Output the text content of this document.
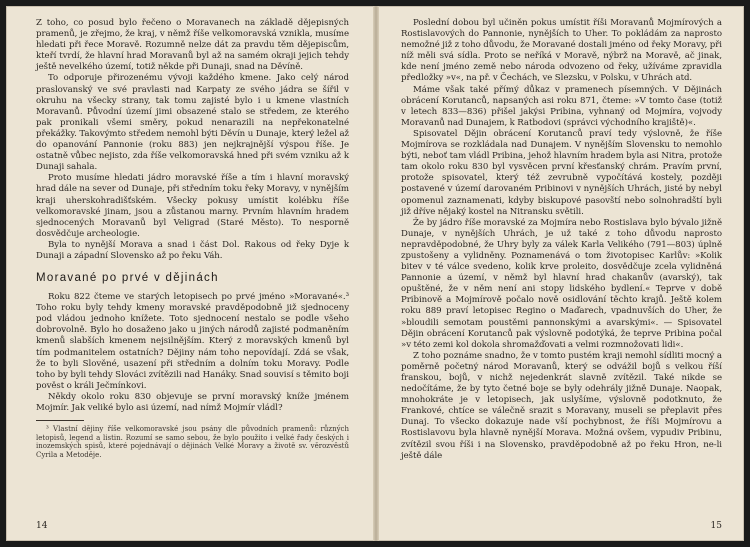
Z toho, co posud bylo řečeno o Moravanech na základě dějepisných pramenů, je zřejmo, že kraj, v němž říše velkomoravská vznikla, musíme hledati při řece Moravě. Rozumně nelze dát za pravdu těm dějepiscům, kteří tvrdí, že hlavní hrad Moravanů byl až na samém okraji jejich tehdy ještě nevelkého území, totiž někde při Dunaji, snad na Děvíně.

To odporuje přirozenému vývoji každého kmene. Jako celý národ praslovanský ve své pravlasti nad Karpaty ze svého jádra se šířil v okruhu na všecky strany, tak tomu zajisté bylo i u kmene vlastních Moravanů. Původní území jimi obsazené stalo se středem, ze kterého pak pronikali všemi směry, pokud nenarazili na nepřekonatelné překážky. Takovýmto středem nemohl býti Děvín u Dunaje, který ležel až do opanování Pannonie (roku 883) jen nejkrajnější výspou říše. Je ostatně vůbec nejisto, zda říše velkomoravská hned při svém vzniku až k Dunaji sahala.

Proto musíme hledati jádro moravské říše a tím i hlavní moravský hrad dále na sever od Dunaje, při středním toku řeky Moravy, v nynějším kraji uherskohradišťském. Všecky pokusy umístit kolébku říše velkomoravské jinam, jsou a zůstanou marny. Prvním hlavním hradem sjednocených Moravanů byl Veligrad (Staré Město). To nesporně dosvědčuje archeologie.

Byla to nynější Morava a snad i část Dol. Rakous od řeky Dyje k Dunaji a západní Slovensko až po řeku Váh.

Moravané po prvé v dějinách

Roku 822 čteme ve starých letopisech po prvé jméno »Moravané«.³ Toho roku byly tehdy kmeny moravské pravděpodobně již sjednoceny pod vládou jednoho knížete. Toto sjednocení nestalo se podle všeho dobrovolně. Bylo ho dosaženo jako u jiných národů zajisté podmaněním kmenů slabších kmenem nejsilnějším. Který z moravských kmenů byl tím podmanitelem ostatních? Dějiny nám toho nepovídají. Zdá se však, že to byli Slověné, usazení při středním a dolním toku Moravy. Podle toho by byli tehdy Slováci zvítězili nad Hanáky. Snad souvisí s těmito boji pověst o králi Ječmínkovi.

Někdy okolo roku 830 objevuje se první moravský kníže jménem Mojmír. Jak veliké bylo asi území, nad nímž Mojmír vládl?

³ Vlastní dějiny říše velkomoravské jsou psány dle původních pramenů: různých letopisů, legend a listin. Rozumí se samo sebou, že bylo použito i velké řady českých i inozemských spisů, které pojednávají o dějinách Velké Moravy a životě sv. věrozvěstů Cyrila a Metoděje.

14

Poslední dobou byl učiněn pokus umístit říši Moravanů Mojmírových a Rostislavových do Pannonie, nynějších to Uher. To pokládám za naprosto nemožné již z toho důvodu, že Moravané dostali jméno od řeky Moravy, při níž měli svá sídla. Proto se neříká v Moravě, nýbrž na Moravě, ač jinak, kde není jméno země nebo národa odvozeno od řeky, užíváme zpravidla předložky »v«, na př. v Čechách, ve Slezsku, v Polsku, v Uhrách atd.

Máme však také přímý důkaz v pramenech písemných. V Dějinách obrácení Korutanců, napsaných asi roku 871, čteme: »V tomto čase (totiž v letech 833—836) přišel jakýsi Pribina, vyhnaný od Mojmíra, vojvody Moravanů nad Dunajem, k Ratbodovi (správci východního krajiště)«.

Spisovatel Dějin obrácení Korutanců praví tedy výslovně, že říše Mojmírova se rozkládala nad Dunajem. V nynějším Slovensku to nemohlo býti, neboť tam vládl Pribina, jehož hlavním hradem byla asi Nitra, protože tam okolo roku 830 byl vysvěcen první křesťanský chrám. Pravím první, protože spisovatel, který též zevrubně vypočítává kostely, později postavené v území darovaném Pribinovi v nynějších Uhrách, jisté by nebyl opomenul zaznamenati, kdyby biskupové pasovští nebo solnohradští byli již dříve nějaký kostel na Nitransku světili.

Že by jádro říše moravské za Mojmíra nebo Rostislava bylo bývalo jižně Dunaje, v nynějších Uhrách, je už také z toho důvodu naprosto nepravděpodobné, že Uhry byly za válek Karla Velikého (791—803) úplně zpustošeny a vylidněny. Poznamenává o tom životopisec Karlův: »Kolik bitev v té válce svedeno, kolik krve proleito, dosvědčuje zcela vylidněná Pannonie a území, v němž byl hlavní hrad chakanův (avarský), tak opuštěné, že v něm není ani stopy lidského bydlení.« Teprve v době Pribinově a Mojmírově počalo nově osidlování těchto krajů. Ještě kolem roku 889 praví letopisec Regino o Maďarech, vpadnuvších do Uher, že »bloudili semotam poustěmi pannonskými a avarskými«. — Spisovatel Dějin obrácení Korutanců pak výslovně podotýká, že teprve Pribina počal »v této zemi kol dokola shromažďovati a velmi rozmnožovati lidi«.

Z toho poznáme snadno, že v tomto pustém kraji nemohl sídliti mocný a poměrně početný národ Moravanů, který se odvážil bojů s velkou říší franskou, bojů, v nichž nejedenkrát slavně zvítězil. Také nikde se nedočítáme, že by tyto četné boje se byly odehrály jižně Dunaje. Naopak, mnohokráte je v letopisech, jak uslyšíme, výslovně podotknuto, že Frankové, chtíce se válečně srazit s Moravany, museli se přeplavit přes Dunaj. To všecko dokazuje nade vší pochybnost, že říši Mojmírovu a Rostislavovu byla hlavně nynější Morava. Možná ovšem, vypudiv Pribinu, zvítězil svou říši i na Slovensko, pravděpodobně až po řeku Hron, ne-li ještě dále

15
